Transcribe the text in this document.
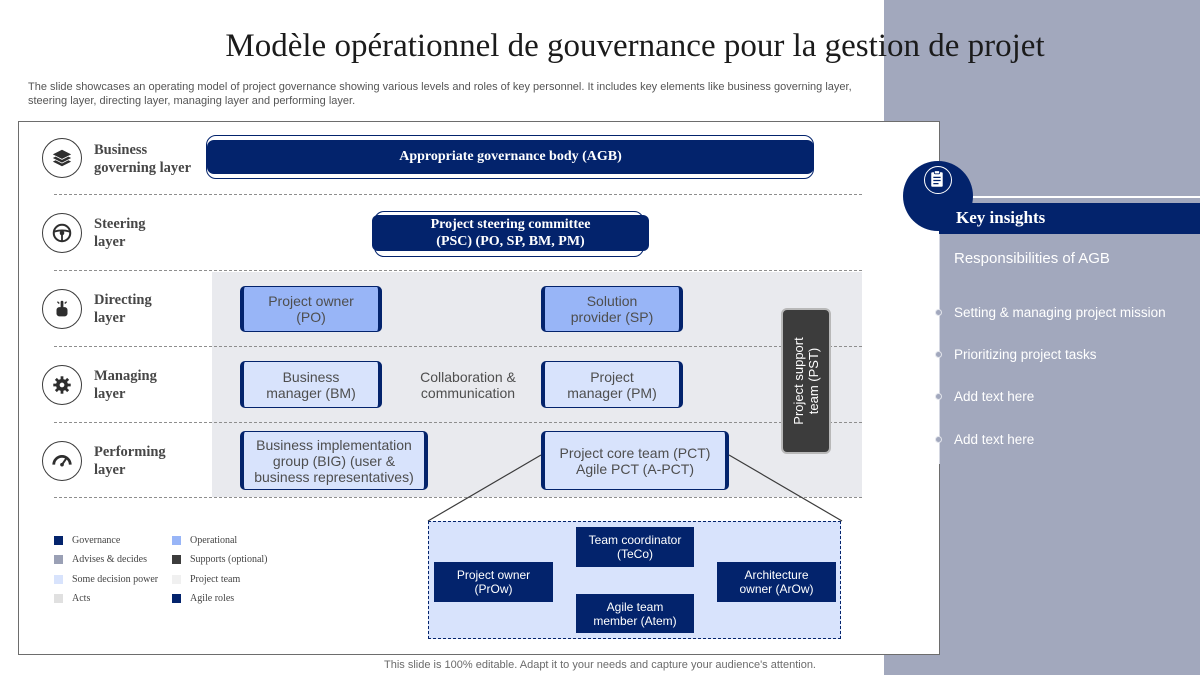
Modèle opérationnel de gouvernance pour la gestion de projet
The slide showcases an operating model of project governance showing various levels and roles of key personnel. It includes key elements like business governing layer, steering layer, directing layer, managing layer and performing layer.
Business
governing layer
Steering
layer
Directing
layer
Managing
layer
Performing
layer
Appropriate governance body (AGB)
Project steering committee
(PSC) (PO, SP, BM, PM)
Project owner
(PO)
Solution
provider (SP)
Business
manager (BM)
Collaboration &
communication
Project
manager (PM)
Business implementation
group (BIG) (user &
business representatives)
Project core team (PCT)
Agile PCT (A-PCT)
Governance
Advises & decides
Some decision power
Acts
Operational
Supports (optional)
Project team
Agile roles
Project support team (PST)
Team coordinator
(TeCo)
Project owner
(PrOw)
Architecture
owner (ArOw)
Agile team
member (Atem)
Key insights
Responsibilities of AGB
Setting & managing project mission
Prioritizing project tasks
Add text here
Add text here
This slide is 100% editable. Adapt it to your needs and capture your audience's attention.
